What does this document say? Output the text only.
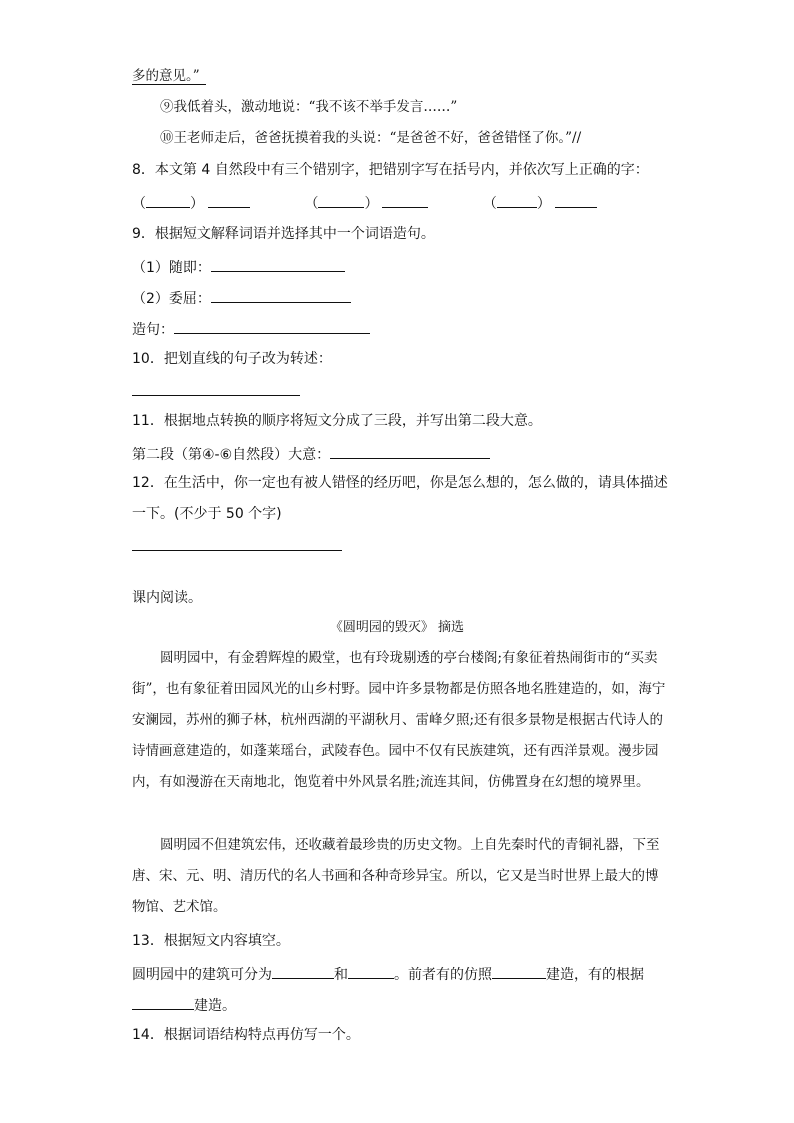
多的意见。”
⑨我低着头，激动地说：“我不该不举手发言……”
⑩王老师走后，爸爸抚摸着我的头说：“是爸爸不好，爸爸错怪了你。”//
8．本文第 4 自然段中有三个错别字，把错别字写在括号内，并依次写上正确的字：
（	）	（	）	（	）
9．根据短文解释词语并选择其中一个词语造句。
（1）随即：
（2）委屈：
造句：
10．把划直线的句子改为转述：
11．根据地点转换的顺序将短文分成了三段，并写出第二段大意。
第二段（第④-⑥自然段）大意：
12．在生活中，你一定也有被人错怪的经历吧，你是怎么想的，怎么做的，请具体描述
一下。(不少于 50 个字)
课内阅读。
《圆明园的毁灭》 摘选
圆明园中，有金碧辉煌的殿堂，也有玲珑剔透的亭台楼阁;有象征着热闹街市的“买卖街”，也有象征着田园风光的山乡村野。园中许多景物都是仿照各地名胜建造的，如，海宁安澜园，苏州的狮子林，杭州西湖的平湖秋月、雷峰夕照;还有很多景物是根据古代诗人的诗情画意建造的，如蓬莱瑶台，武陵春色。园中不仅有民族建筑，还有西洋景观。漫步园内，有如漫游在天南地北，饱览着中外风景名胜;流连其间，仿佛置身在幻想的境界里。
圆明园不但建筑宏伟，还收藏着最珍贵的历史文物。上自先秦时代的青铜礼器，下至唐、宋、元、明、清历代的名人书画和各种奇珍异宝。所以，它又是当时世界上最大的博物馆、艺术馆。
13．根据短文内容填空。
圆明园中的建筑可分为	和	。前者有的仿照	建造，有的根据
建造。
14．根据词语结构特点再仿写一个。
